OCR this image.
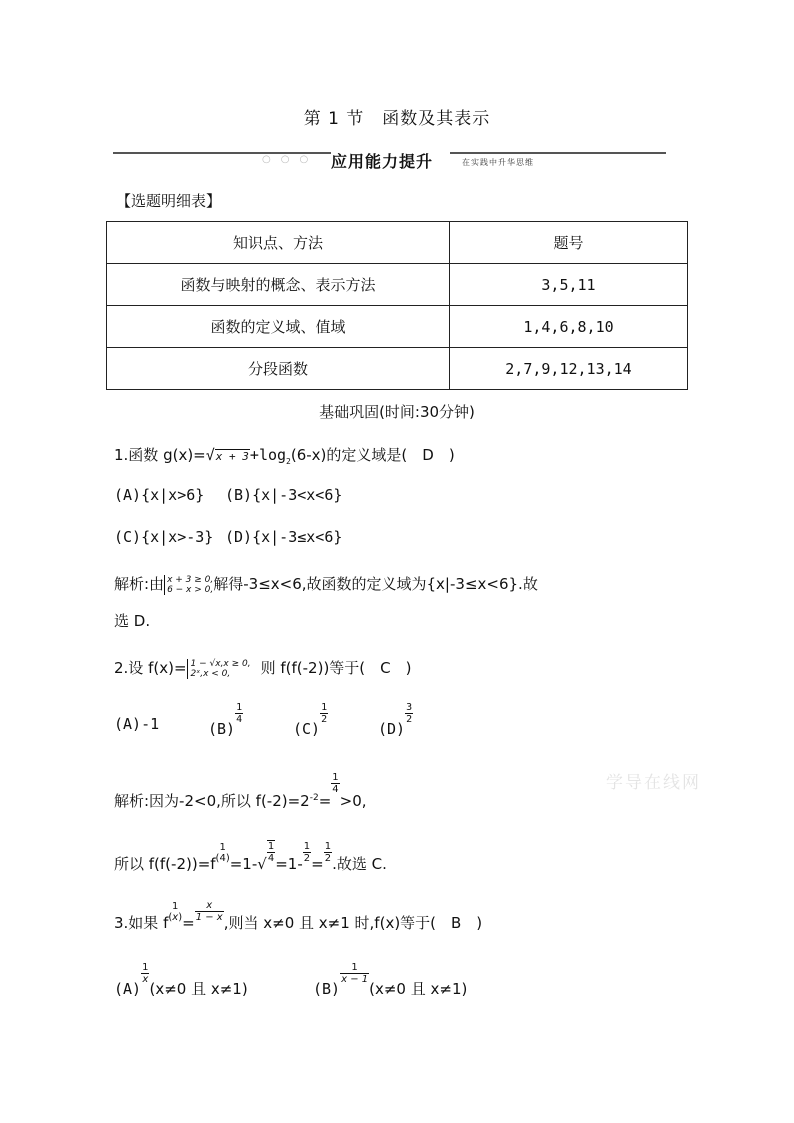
第 1 节　函数及其表示
○○○ 应用能力提升	在实践中升华思维
【选题明细表】
知识点、方法	题号
函数与映射的概念、表示方法	3,5,11
函数的定义域、值域	1,4,6,8,10
分段函数	2,7,9,12,13,14
基础巩固(时间:30分钟)
1.函数 $g(x)=√x + 3+\log_2(6-x)$的定义域是(　D　)
(A){x|x>6} (B){x|-3<x<6}
(C){x|x>-3} (D){x|-3≤x<6}
解析:由 x + 3 ≥ 0,
6 − x > 0, 解得-3≤x<6,故函数的定义域为{x|-3≤x<6}.故
选 D.
2.设 f(x)= 1 − √x,x ≥ 0,
2ˣ,x < 0,	则 f(f(-2))等于(　C　)
(A)-1	(B)
$\frac{1}{4}$
(C)
$\frac{1}{2}$
(D)
$\frac{3}{2}$
解析:因为-2<0,所以 $f(-2)=2^{-2}=$
$\frac{1}{4}$
>0,
所以 f(f(-2))=f
1
$(4) =1-√ \frac{1}{4} =1- \frac{1}{2} = \frac{1}{2}$ .故选 C.
3.如果 f
1
$(x) = \frac{x}{1 - x}$ ,则当 x≠0 且 x≠1 时,f(x)等于(　B　)
(A)
$\frac{1}{x}$
(x≠0 且 x≠1)	(B)
$\frac{1}{x - 1}$
(x≠0 且 x≠1)
学导在线网
